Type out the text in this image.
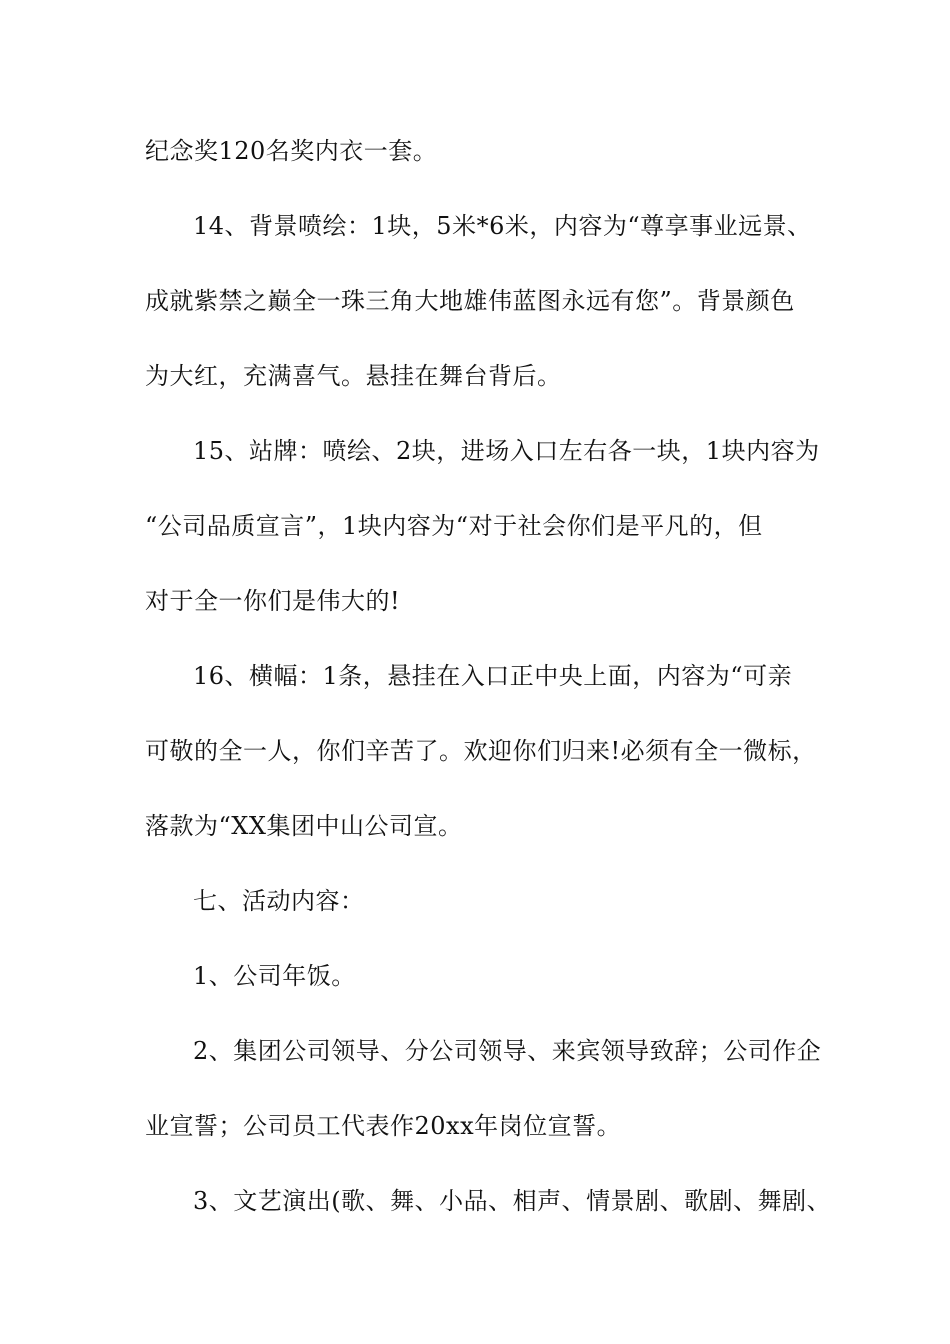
纪念奖120名奖内衣一套。
14、背景喷绘：1块，5米*6米，内容为“尊享事业远景、
成就紫禁之巅全一珠三角大地雄伟蓝图永远有您”。背景颜色
为大红，充满喜气。悬挂在舞台背后。
15、站牌：喷绘、2块，进场入口左右各一块，1块内容为
“公司品质宣言”，1块内容为“对于社会你们是平凡的，但
对于全一你们是伟大的!
16、横幅：1条，悬挂在入口正中央上面，内容为“可亲
可敬的全一人，你们辛苦了。欢迎你们归来!必须有全一微标，
落款为“XX集团中山公司宣。
七、活动内容：
1、公司年饭。
2、集团公司领导、分公司领导、来宾领导致辞；公司作企
业宣誓；公司员工代表作20xx年岗位宣誓。
3、文艺演出(歌、舞、小品、相声、情景剧、歌剧、舞剧、
